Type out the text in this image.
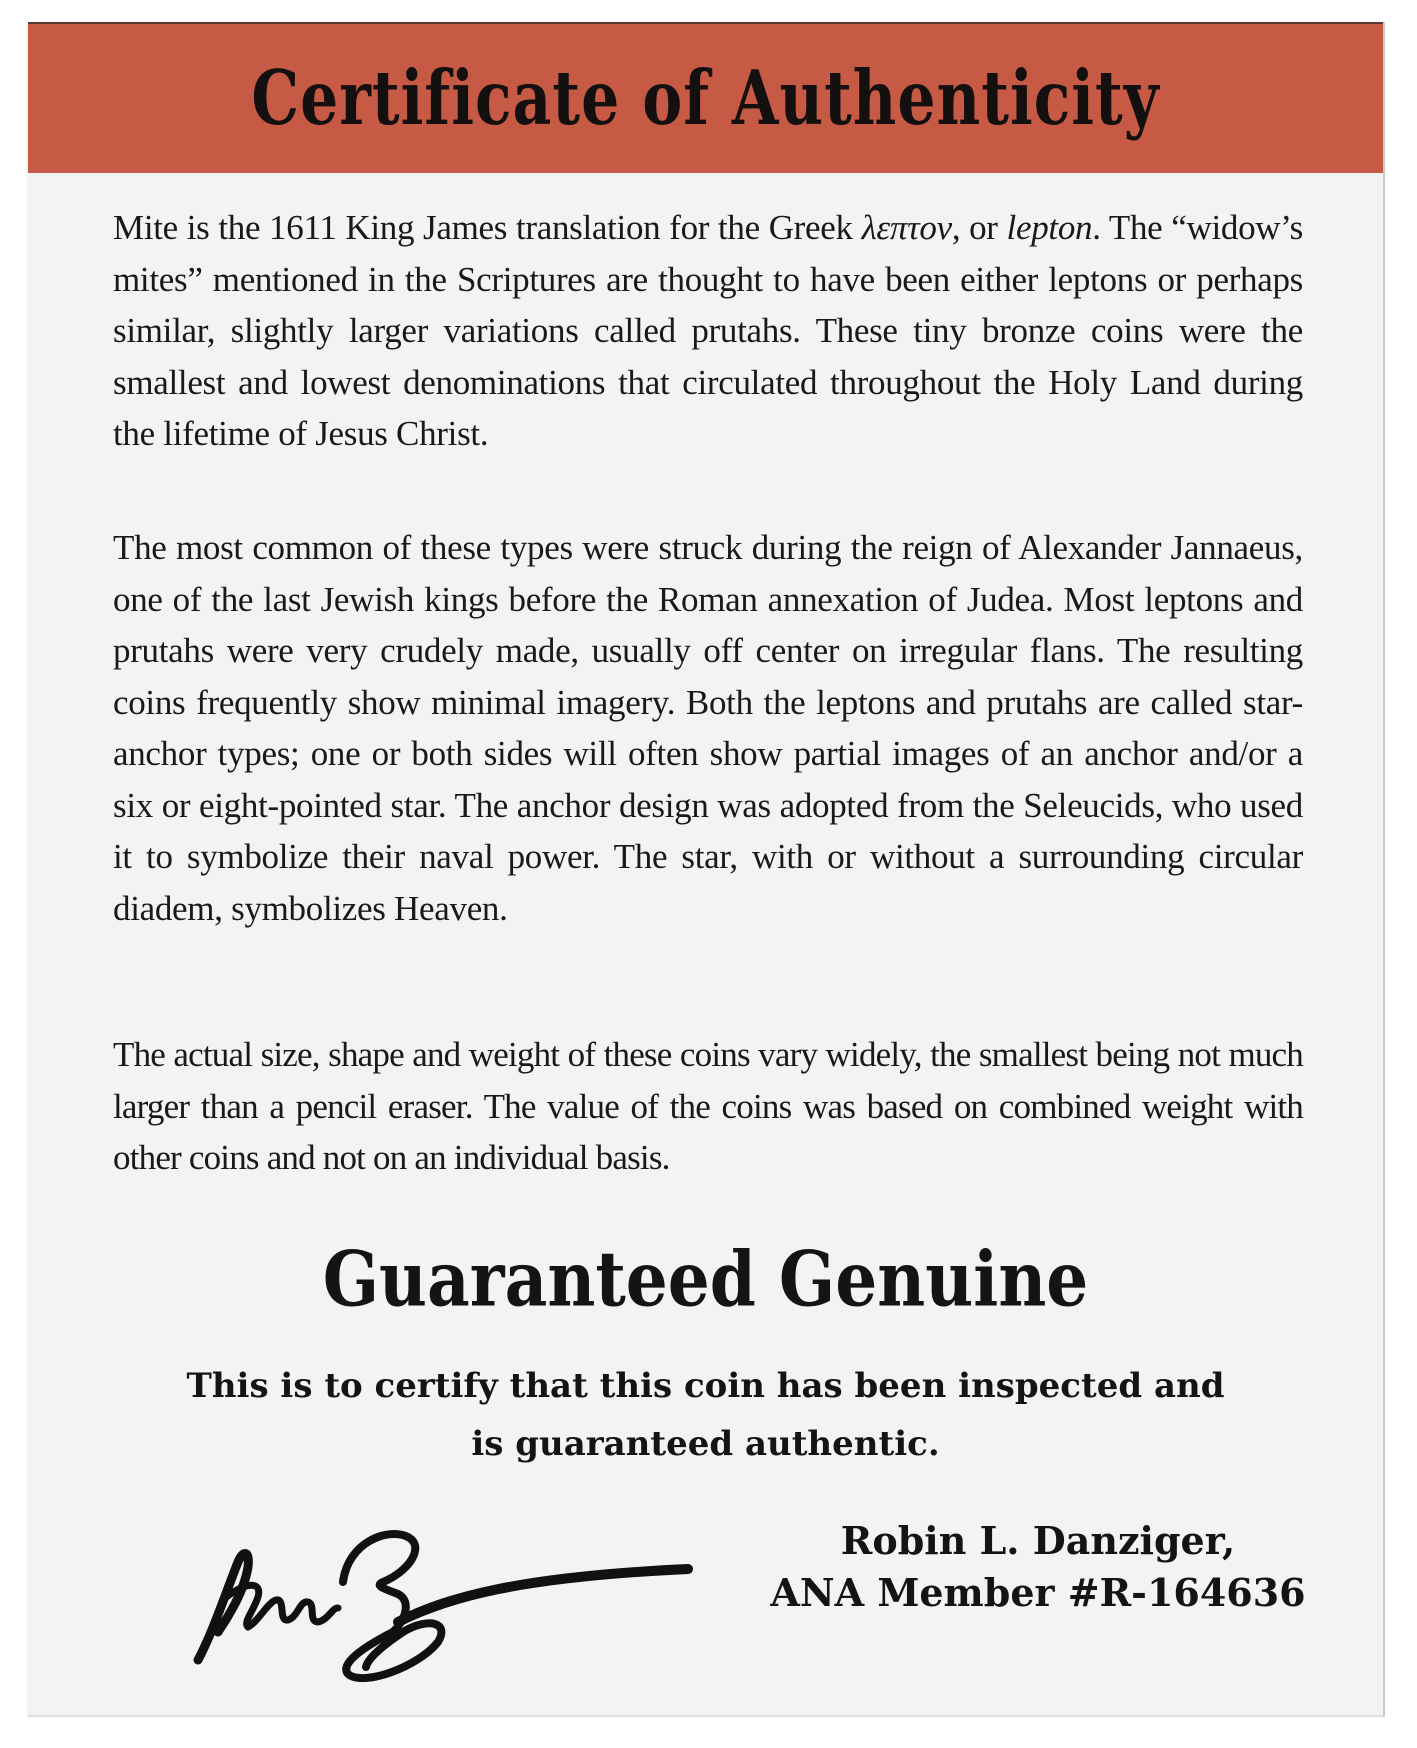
Certificate of Authenticity

Mite is the 1611 King James translation for the Greek λεπτον, or lepton. The “widow’s mites” mentioned in the Scriptures are thought to have been either leptons or perhaps similar, slightly larger variations called prutahs. These tiny bronze coins were the smallest and lowest denominations that circulated throughout the Holy Land during the lifetime of Jesus Christ.

The most common of these types were struck during the reign of Alexander Jannaeus, one of the last Jewish kings before the Roman annexation of Judea. Most leptons and prutahs were very crudely made, usually off center on irregular flans. The resulting coins frequently show minimal imagery. Both the leptons and prutahs are called star-anchor types; one or both sides will often show partial images of an anchor and/or a six or eight-pointed star. The anchor design was adopted from the Seleucids, who used it to symbolize their naval power. The star, with or without a surrounding circular diadem, symbolizes Heaven.

The actual size, shape and weight of these coins vary widely, the smallest being not much larger than a pencil eraser. The value of the coins was based on combined weight with other coins and not on an individual basis.

Guaranteed Genuine

This is to certify that this coin has been inspected and
is guaranteed authentic.

Robin L. Danziger,
ANA Member #R-164636
